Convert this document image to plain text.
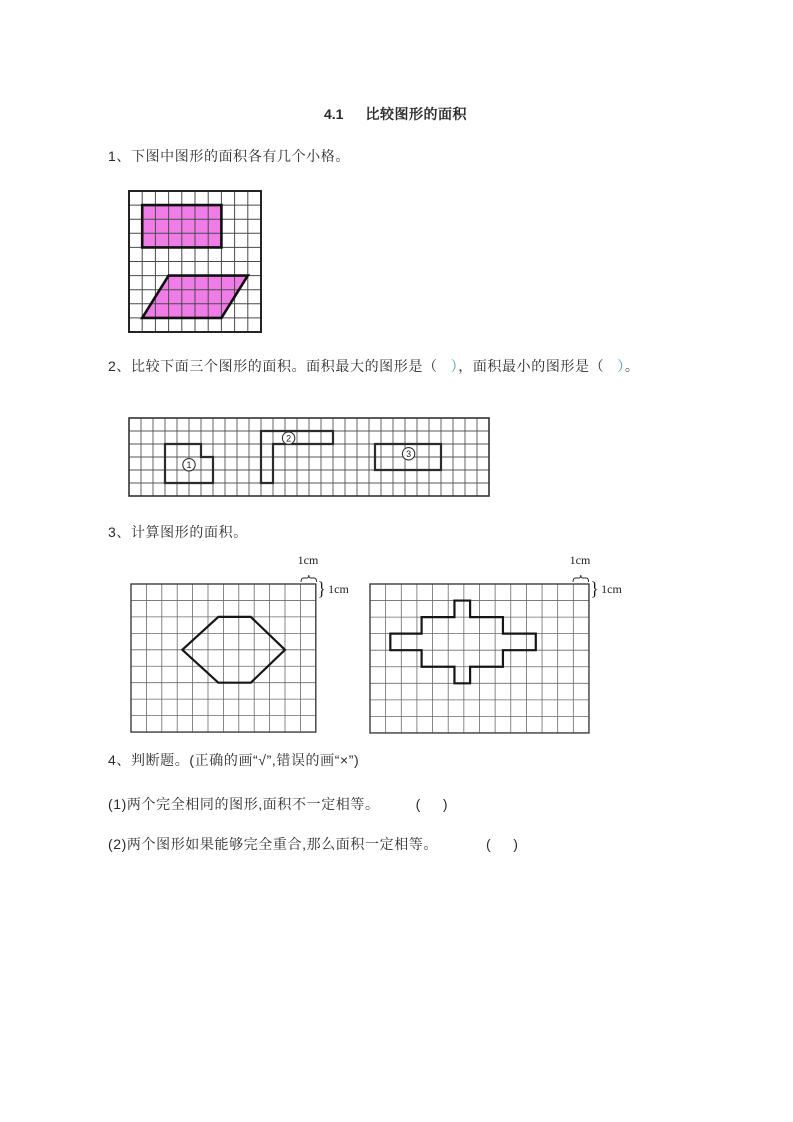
4.1 比较图形的面积
1、下图中图形的面积各有几个小格。
2、比较下面三个图形的面积。面积最大的图形是（ ），面积最小的图形是（ ）。
1
2
3
3、计算图形的面积。
1cm
} 1cm
1cm
} 1cm
4、判断题。(正确的画“√”,错误的画“×”)
(1)两个完全相同的图形,面积不一定相等。	( )
(2)两个图形如果能够完全重合,那么面积一定相等。	( )
